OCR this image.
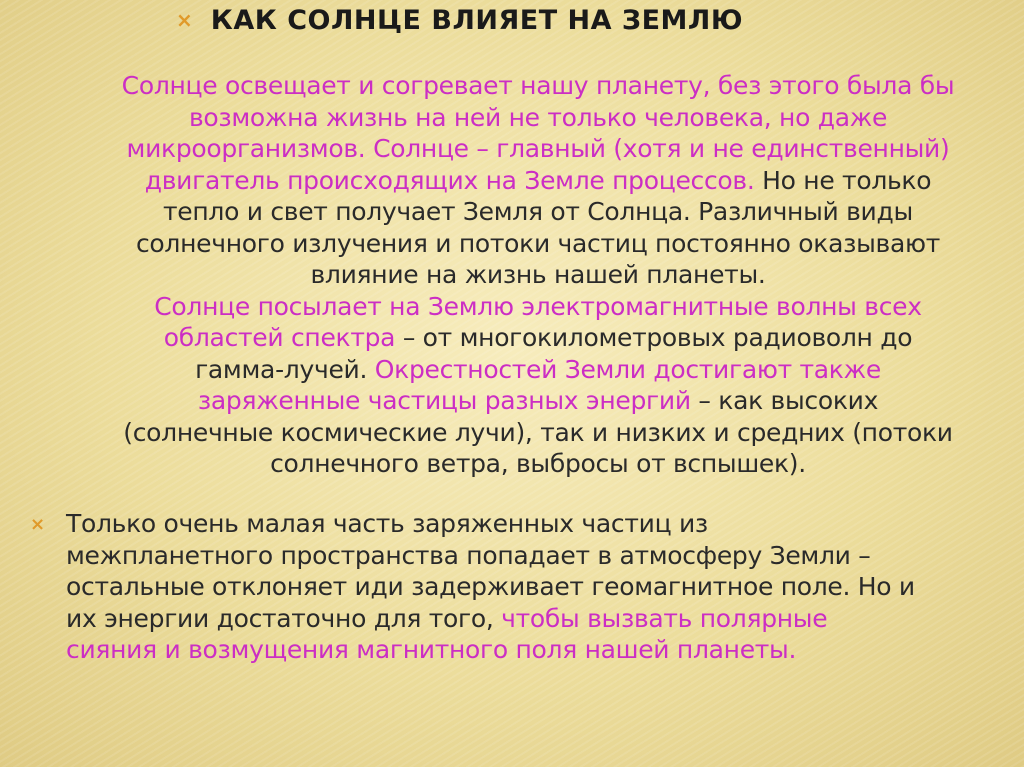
× КАК СОЛНЦЕ ВЛИЯЕТ НА ЗЕМЛЮ

Солнце освещает и согревает нашу планету, без этого была бы
возможна жизнь на ней не только человека, но даже
микроорганизмов. Солнце – главный (хотя и не единственный)
двигатель происходящих на Земле процессов. Но не только
тепло и свет получает Земля от Солнца. Различный виды
солнечного излучения и потоки частиц постоянно оказывают
влияние на жизнь нашей планеты.
Солнце посылает на Землю электромагнитные волны всех
областей спектра – от многокилометровых радиоволн до
гамма-лучей. Окрестностей Земли достигают также
заряженные частицы разных энергий – как высоких
(солнечные космические лучи), так и низких и средних (потоки
солнечного ветра, выбросы от вспышек).

× Только очень малая часть заряженных частиц из
межпланетного пространства попадает в атмосферу Земли –
остальные отклоняет иди задерживает геомагнитное поле. Но и
их энергии достаточно для того, чтобы вызвать полярные
сияния и возмущения магнитного поля нашей планеты.
